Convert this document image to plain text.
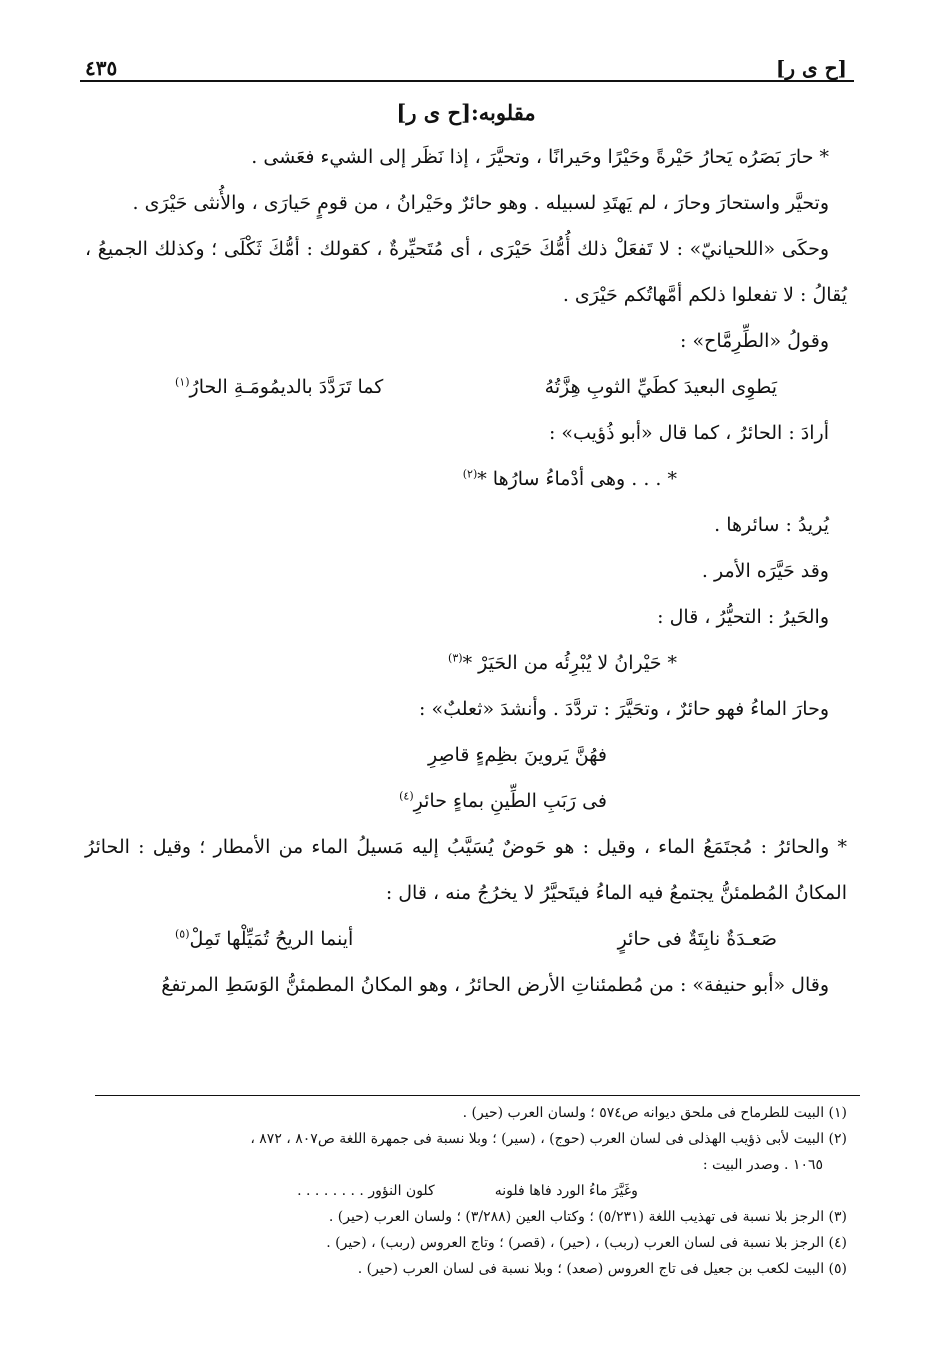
[ح ى ر]
٤٣٥

مقلوبه:[ح ى ر]

* حارَ بَصَرُه يَحارُ حَيْرةً وحَيْرًا وحَيرانًا ، وتحيَّرَ ، إذا نَظَر إلى الشيء فعَشى .

وتحيَّر واستحارَ وحارَ ، لم يَهتَدِ لسبيله . وهو حائرٌ وحَيْرانُ ، من قومٍ حَيارَى ، والأُنثى حَيْرَى .

وحكَى «اللحيانيّ» : لا تَفعَلْ ذلك أُمُّكَ حَيْرَى ، أى مُتَحيِّرةٌ ، كقولك : أمُّكَ ثَكْلَى ؛ وكذلك الجميعُ ، يُقالُ : لا تفعلوا ذلكم أمَّهاتُكم حَيْرَى .

وقولُ «الطِّرِمَّاح» :

يَطوِى البعيدَ كطَيِّ الثوبِ هِزَّتُهُ
كما تَرَدَّدَ بالديمُومَـةِ الحارُ$^{(١)}$

أرادَ : الحائرُ ، كما قال «أبو ذُؤيب» :

* . . . وهى أدْماءُ سارُها *$^{(٢)}$

يُريدُ : سائرها .

وقد حَيَّرَه الأمر .

والحَيرُ : التحيُّرُ ، قال :

* حَيْرانُ لا يُبْرِئُه من الحَيَرْ *$^{(٣)}$

وحارَ الماءُ فهو حائرٌ ، وتحَيَّرَ : تردَّدَ . وأنشدَ «ثعلبٌ» :

فهُنَّ يَروينَ بظِمءٍ قاصِرِ

فى رَبَبِ الطِّينِ بماءٍ حائرِ$^{(٤)}$

* والحائرُ : مُجتَمَعُ الماء ، وقيل : هو حَوضٌ يُسَيَّبُ إليه مَسيلُ الماء من الأمطار ؛ وقيل : الحائرُ المكانُ المُطمئنُّ يجتمعُ فيه الماءُ فيتَحيَّرُ لا يخرُجُ منه ، قال :

صَعـدَةٌ نابِتَةٌ فى حائرٍ
أينما الريحُ تُمَيِّلْها تَمِلْ$^{(٥)}$

وقال «أبو حنيفة» : من مُطمئناتِ الأرض الحائرُ ، وهو المكانُ المطمئنُّ الوَسَطِ المرتفعُ

(١) البيت للطرماح فى ملحق ديوانه ص٥٧٤ ؛ ولسان العرب (حير) .

(٢) البيت لأبى ذؤيب الهذلى فى لسان العرب (حوج) ، (سير) ؛ وبلا نسبة فى جمهرة اللغة ص٨٠٧ ، ٨٧٢ ،

١٠٦٥ . وصدر البيت :

وغَيَّرَ ماءُ الورد فاها فلونه
كلون النؤور . . . . . . . .

(٣) الرجز بلا نسبة فى تهذيب اللغة (٥/٢٣١) ؛ وكتاب العين (٣/٢٨٨) ؛ ولسان العرب (حير) .

(٤) الرجز بلا نسبة فى لسان العرب (ربب) ، (حير) ، (قصر) ؛ وتاج العروس (ربب) ، (حير) .

(٥) البيت لكعب بن جعيل فى تاج العروس (صعد) ؛ وبلا نسبة فى لسان العرب (حير) .
